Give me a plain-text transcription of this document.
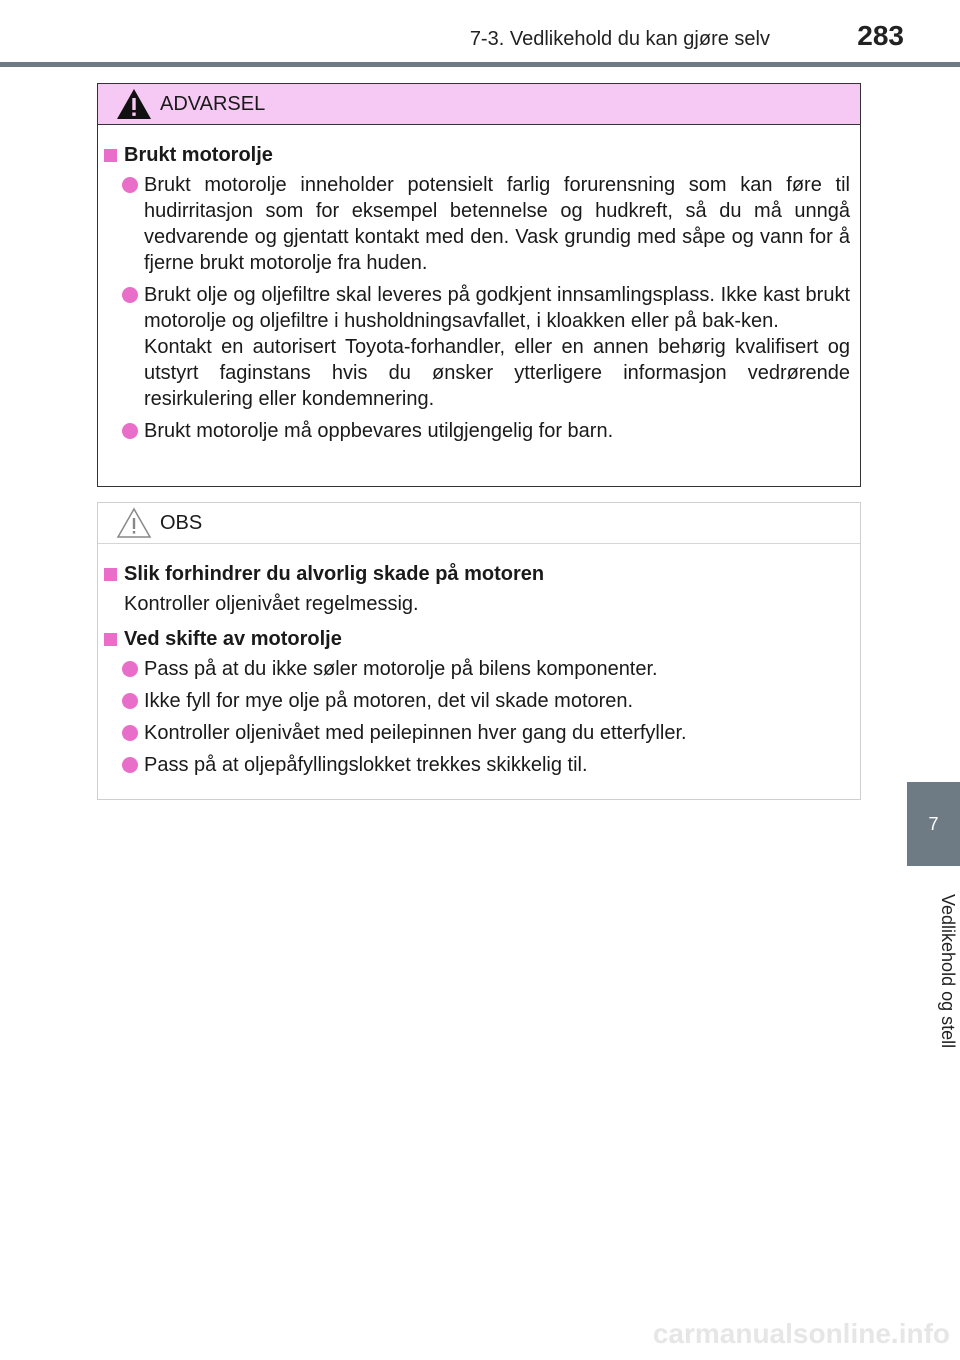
7-3. Vedlikehold du kan gjøre selv	283
7
Vedlikehold og stell
ADVARSEL
Brukt motorolje
Brukt motorolje inneholder potensielt farlig forurensning som kan føre til hudirritasjon som for eksempel betennelse og hudkreft, så du må unngå vedvarende og gjentatt kontakt med den. Vask grundig med såpe og vann for å fjerne brukt motorolje fra huden.
Brukt olje og oljefiltre skal leveres på godkjent innsamlingsplass. Ikke kast brukt motorolje og oljefiltre i husholdningsavfallet, i kloakken eller på bak-ken.
Kontakt en autorisert Toyota-forhandler, eller en annen behørig kvalifisert og utstyrt faginstans hvis du ønsker ytterligere informasjon vedrørende resirkulering eller kondemnering.
Brukt motorolje må oppbevares utilgjengelig for barn.
OBS
Slik forhindrer du alvorlig skade på motoren
Kontroller oljenivået regelmessig.
Ved skifte av motorolje
Pass på at du ikke søler motorolje på bilens komponenter.
Ikke fyll for mye olje på motoren, det vil skade motoren.
Kontroller oljenivået med peilepinnen hver gang du etterfyller.
Pass på at oljepåfyllingslokket trekkes skikkelig til.
carmanualsonline.info
